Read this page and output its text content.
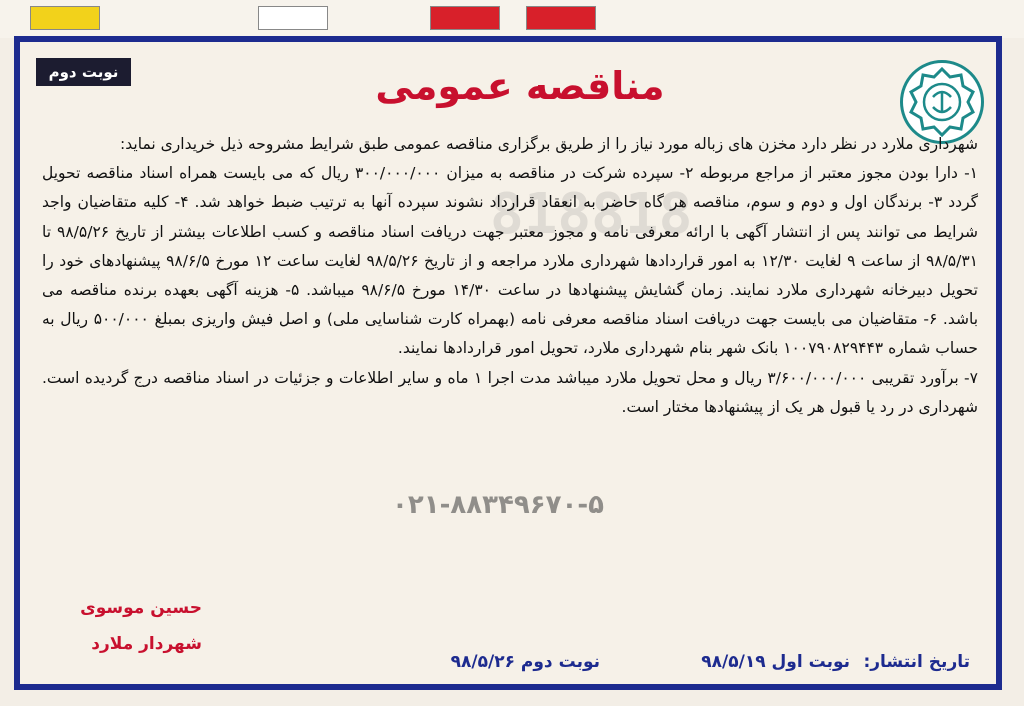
نوبت دوم	مناقصه عمومی
818818
۰۲۱-۸۸۳۴۹۶۷۰-۵

شهرداری ملارد در نظر دارد مخزن های زباله مورد نیاز را از طریق برگزاری مناقصه عمومی طبق شرایط مشروحه ذیل خریداری نماید:

۱- دارا بودن مجوز معتبر از مراجع مربوطه ۲- سپرده شرکت در مناقصه به میزان ۳۰۰/۰۰۰/۰۰۰ ریال که می بایست همراه اسناد مناقصه تحویل گردد ۳- برندگان اول و دوم و سوم، مناقصه هر گاه حاضر به انعقاد قرارداد نشوند سپرده آنها به ترتیب ضبط خواهد شد. ۴- کلیه متقاضیان واجد شرایط می توانند پس از انتشار آگهی با ارائه معرفی نامه و مجوز معتبر جهت دریافت اسناد مناقصه و کسب اطلاعات بیشتر از تاریخ ۹۸/۵/۲۶ تا ۹۸/۵/۳۱ از ساعت ۹ لغایت ۱۲/۳۰ به امور قراردادها شهرداری ملارد مراجعه و از تاریخ ۹۸/۵/۲۶ لغایت ساعت ۱۲ مورخ ۹۸/۶/۵ پیشنهادهای خود را تحویل دبیرخانه شهرداری ملارد نمایند. زمان گشایش پیشنهادها در ساعت ۱۴/۳۰ مورخ ۹۸/۶/۵ میباشد. ۵- هزینه آگهی بعهده برنده مناقصه می باشد. ۶- متقاضیان می بایست جهت دریافت اسناد مناقصه معرفی نامه (بهمراه کارت شناسایی ملی) و اصل فیش واریزی بمبلغ ۵۰۰/۰۰۰ ریال به حساب شماره ۱۰۰۷۹۰۸۲۹۴۴۳ بانک شهر بنام شهرداری ملارد، تحویل امور قراردادها نمایند.

۷- برآورد تقریبی ۳/۶۰۰/۰۰۰/۰۰۰ ریال و محل تحویل ملارد میباشد مدت اجرا ۱ ماه و سایر اطلاعات و جزئیات در اسناد مناقصه درج گردیده است. شهرداری در رد یا قبول هر یک از پیشنهادها مختار است.

حسین موسوی
شهردار ملارد
تاریخ انتشار:
نوبت اول ۹۸/۵/۱۹
نوبت دوم ۹۸/۵/۲۶
